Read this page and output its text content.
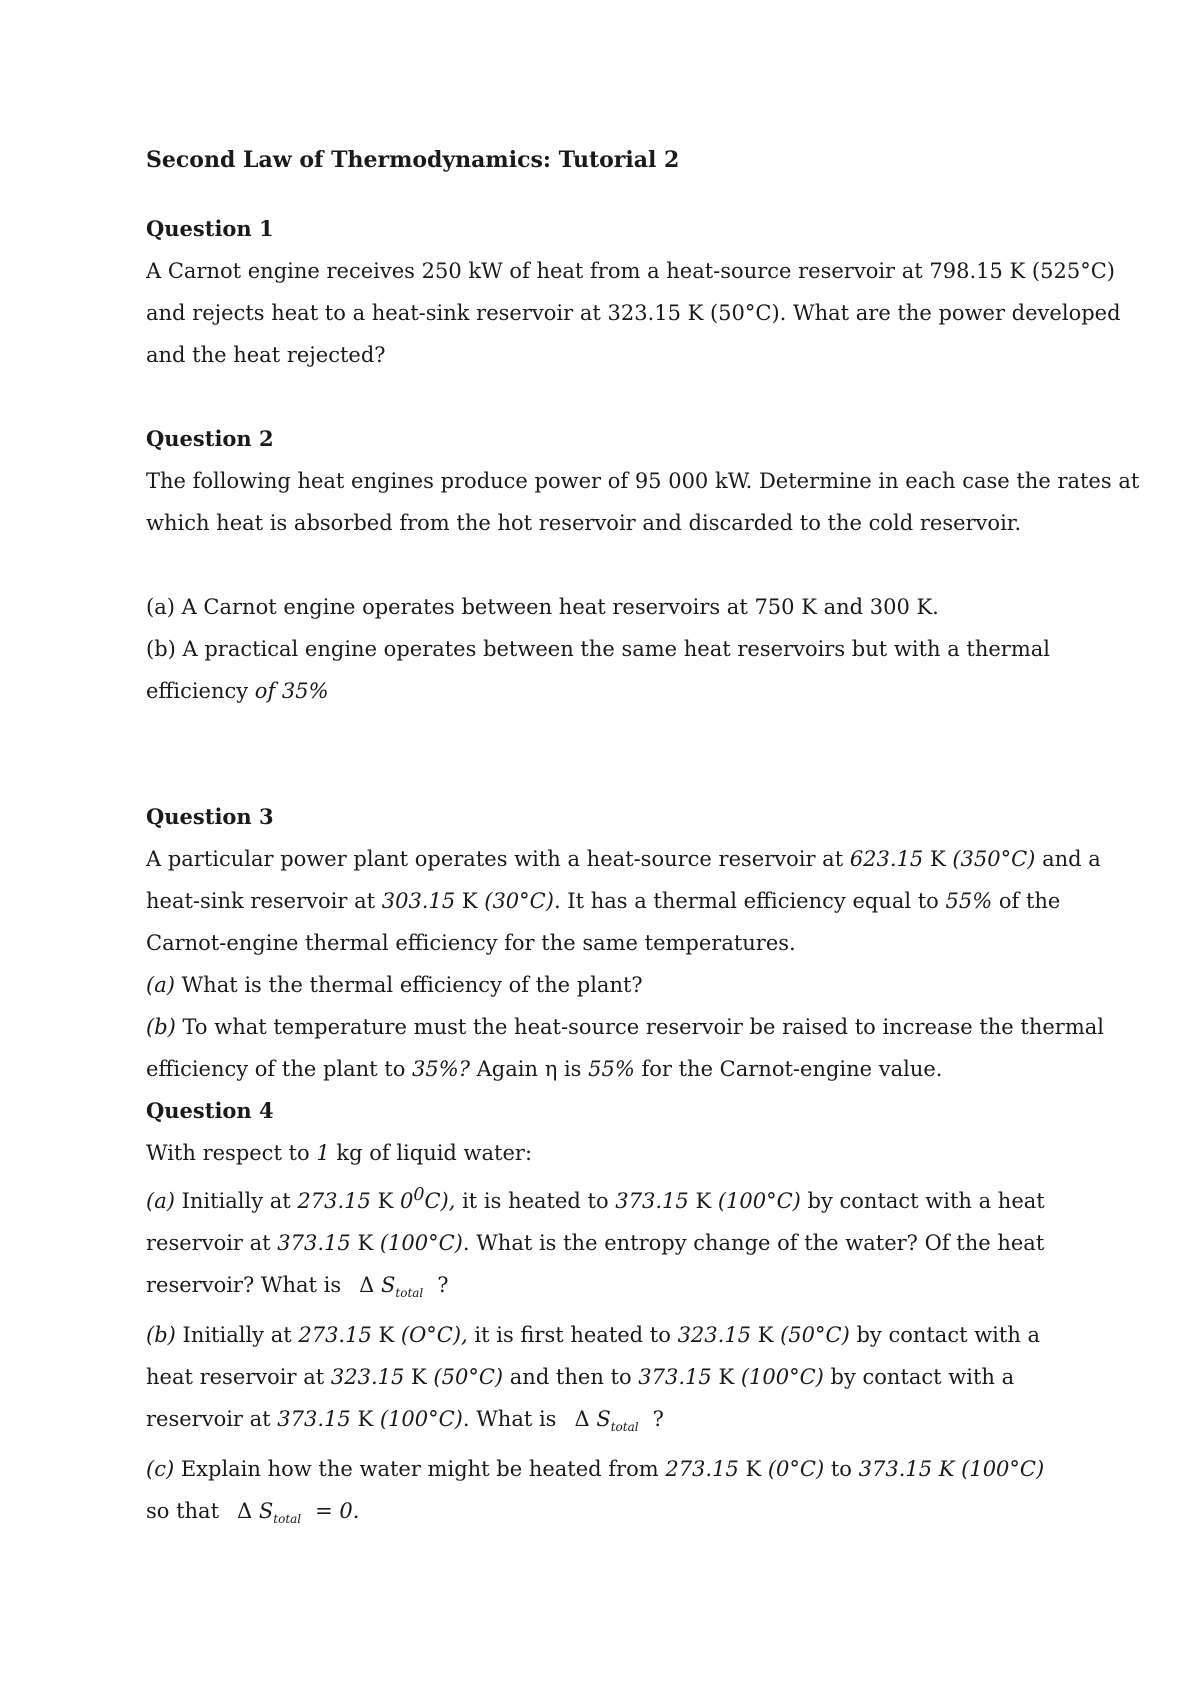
Second Law of Thermodynamics: Tutorial 2
Question 1
A Carnot engine receives 250 kW of heat from a heat-source reservoir at 798.15 K (525°C)
and rejects heat to a heat-sink reservoir at 323.15 K (50°C). What are the power developed
and the heat rejected?
Question 2
The following heat engines produce power of 95 000 kW. Determine in each case the rates at
which heat is absorbed from the hot reservoir and discarded to the cold reservoir.

(a) A Carnot engine operates between heat reservoirs at 750 K and 300 K.
(b) A practical engine operates between the same heat reservoirs but with a thermal
efficiency of 35%
Question 3
A particular power plant operates with a heat-source reservoir at 623.15 K (350°C) and a
heat-sink reservoir at 303.15 K (30°C). It has a thermal efficiency equal to 55% of the
Carnot-engine thermal efficiency for the same temperatures.
(a) What is the thermal efficiency of the plant?
(b) To what temperature must the heat-source reservoir be raised to increase the thermal
efficiency of the plant to 35%? Again η is 55% for the Carnot-engine value.
Question 4
With respect to 1 kg of liquid water:
(a) Initially at 273.15 K $0^0C$), it is heated to 373.15 K (100°C) by contact with a heat
reservoir at 373.15 K (100°C). What is the entropy change of the water? Of the heat
reservoir? What is Δ $S_{total}$ ?
(b) Initially at 273.15 K (O°C), it is first heated to 323.15 K (50°C) by contact with a
heat reservoir at 323.15 K (50°C) and then to 373.15 K (100°C) by contact with a
reservoir at 373.15 K (100°C). What is Δ $S_{total}$ ?
(c) Explain how the water might be heated from 273.15 K (0°C) to 373.15 K (100°C)
so that Δ $S_{total} = 0$.
